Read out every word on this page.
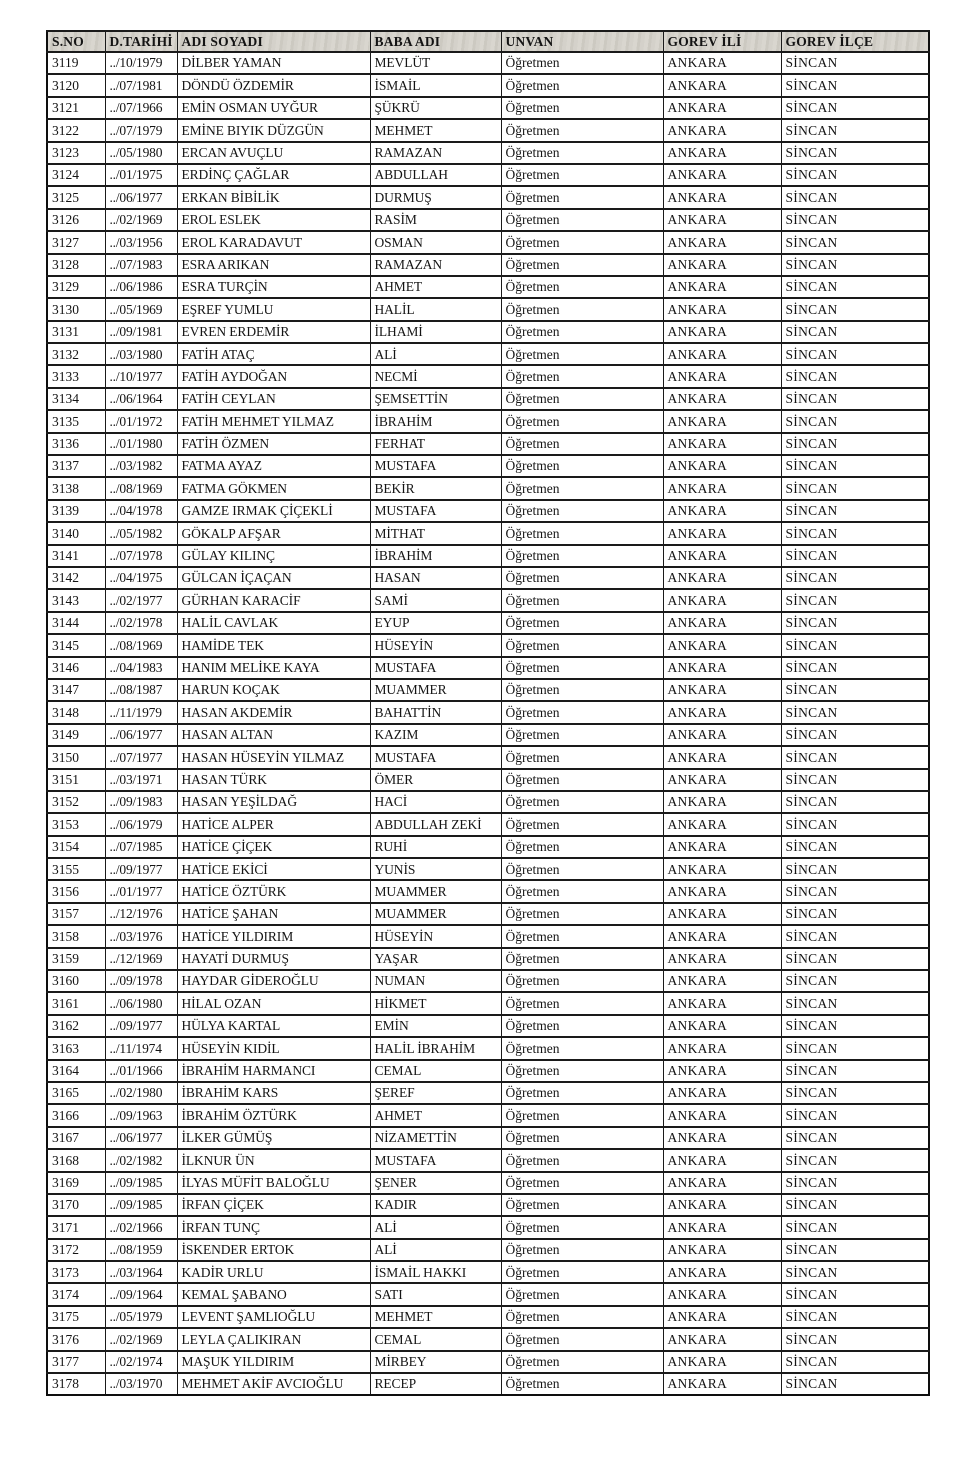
S.NO	D.TARİHİ	ADI SOYADI	BABA ADI	UNVAN	GOREV İLİ	GOREV İLÇE
3119	../10/1979	DİLBER YAMAN	MEVLÜT	Öğretmen	ANKARA	SİNCAN
3120	../07/1981	DÖNDÜ ÖZDEMİR	İSMAİL	Öğretmen	ANKARA	SİNCAN
3121	../07/1966	EMİN OSMAN UYĞUR	ŞÜKRÜ	Öğretmen	ANKARA	SİNCAN
3122	../07/1979	EMİNE BIYIK DÜZGÜN	MEHMET	Öğretmen	ANKARA	SİNCAN
3123	../05/1980	ERCAN AVUÇLU	RAMAZAN	Öğretmen	ANKARA	SİNCAN
3124	../01/1975	ERDİNÇ ÇAĞLAR	ABDULLAH	Öğretmen	ANKARA	SİNCAN
3125	../06/1977	ERKAN BİBİLİK	DURMUŞ	Öğretmen	ANKARA	SİNCAN
3126	../02/1969	EROL ESLEK	RASİM	Öğretmen	ANKARA	SİNCAN
3127	../03/1956	EROL KARADAVUT	OSMAN	Öğretmen	ANKARA	SİNCAN
3128	../07/1983	ESRA ARIKAN	RAMAZAN	Öğretmen	ANKARA	SİNCAN
3129	../06/1986	ESRA TURÇİN	AHMET	Öğretmen	ANKARA	SİNCAN
3130	../05/1969	EŞREF YUMLU	HALİL	Öğretmen	ANKARA	SİNCAN
3131	../09/1981	EVREN ERDEMİR	İLHAMİ	Öğretmen	ANKARA	SİNCAN
3132	../03/1980	FATİH ATAÇ	ALİ	Öğretmen	ANKARA	SİNCAN
3133	../10/1977	FATİH AYDOĞAN	NECMİ	Öğretmen	ANKARA	SİNCAN
3134	../06/1964	FATİH CEYLAN	ŞEMSETTİN	Öğretmen	ANKARA	SİNCAN
3135	../01/1972	FATİH MEHMET YILMAZ	İBRAHİM	Öğretmen	ANKARA	SİNCAN
3136	../01/1980	FATİH ÖZMEN	FERHAT	Öğretmen	ANKARA	SİNCAN
3137	../03/1982	FATMA AYAZ	MUSTAFA	Öğretmen	ANKARA	SİNCAN
3138	../08/1969	FATMA GÖKMEN	BEKİR	Öğretmen	ANKARA	SİNCAN
3139	../04/1978	GAMZE IRMAK ÇİÇEKLİ	MUSTAFA	Öğretmen	ANKARA	SİNCAN
3140	../05/1982	GÖKALP AFŞAR	MİTHAT	Öğretmen	ANKARA	SİNCAN
3141	../07/1978	GÜLAY KILINÇ	İBRAHİM	Öğretmen	ANKARA	SİNCAN
3142	../04/1975	GÜLCAN İÇAÇAN	HASAN	Öğretmen	ANKARA	SİNCAN
3143	../02/1977	GÜRHAN KARACİF	SAMİ	Öğretmen	ANKARA	SİNCAN
3144	../02/1978	HALİL CAVLAK	EYUP	Öğretmen	ANKARA	SİNCAN
3145	../08/1969	HAMİDE TEK	HÜSEYİN	Öğretmen	ANKARA	SİNCAN
3146	../04/1983	HANIM MELİKE KAYA	MUSTAFA	Öğretmen	ANKARA	SİNCAN
3147	../08/1987	HARUN KOÇAK	MUAMMER	Öğretmen	ANKARA	SİNCAN
3148	../11/1979	HASAN AKDEMİR	BAHATTİN	Öğretmen	ANKARA	SİNCAN
3149	../06/1977	HASAN ALTAN	KAZIM	Öğretmen	ANKARA	SİNCAN
3150	../07/1977	HASAN HÜSEYİN YILMAZ	MUSTAFA	Öğretmen	ANKARA	SİNCAN
3151	../03/1971	HASAN TÜRK	ÖMER	Öğretmen	ANKARA	SİNCAN
3152	../09/1983	HASAN YEŞİLDAĞ	HACİ	Öğretmen	ANKARA	SİNCAN
3153	../06/1979	HATİCE ALPER	ABDULLAH ZEKİ	Öğretmen	ANKARA	SİNCAN
3154	../07/1985	HATİCE ÇİÇEK	RUHİ	Öğretmen	ANKARA	SİNCAN
3155	../09/1977	HATİCE EKİCİ	YUNİS	Öğretmen	ANKARA	SİNCAN
3156	../01/1977	HATİCE ÖZTÜRK	MUAMMER	Öğretmen	ANKARA	SİNCAN
3157	../12/1976	HATİCE ŞAHAN	MUAMMER	Öğretmen	ANKARA	SİNCAN
3158	../03/1976	HATİCE YILDIRIM	HÜSEYİN	Öğretmen	ANKARA	SİNCAN
3159	../12/1969	HAYATİ DURMUŞ	YAŞAR	Öğretmen	ANKARA	SİNCAN
3160	../09/1978	HAYDAR GİDEROĞLU	NUMAN	Öğretmen	ANKARA	SİNCAN
3161	../06/1980	HİLAL OZAN	HİKMET	Öğretmen	ANKARA	SİNCAN
3162	../09/1977	HÜLYA KARTAL	EMİN	Öğretmen	ANKARA	SİNCAN
3163	../11/1974	HÜSEYİN KIDİL	HALİL İBRAHİM	Öğretmen	ANKARA	SİNCAN
3164	../01/1966	İBRAHİM HARMANCI	CEMAL	Öğretmen	ANKARA	SİNCAN
3165	../02/1980	İBRAHİM KARS	ŞEREF	Öğretmen	ANKARA	SİNCAN
3166	../09/1963	İBRAHİM ÖZTÜRK	AHMET	Öğretmen	ANKARA	SİNCAN
3167	../06/1977	İLKER GÜMÜŞ	NİZAMETTİN	Öğretmen	ANKARA	SİNCAN
3168	../02/1982	İLKNUR ÜN	MUSTAFA	Öğretmen	ANKARA	SİNCAN
3169	../09/1985	İLYAS MÜFİT BALOĞLU	ŞENER	Öğretmen	ANKARA	SİNCAN
3170	../09/1985	İRFAN ÇİÇEK	KADIR	Öğretmen	ANKARA	SİNCAN
3171	../02/1966	İRFAN TUNÇ	ALİ	Öğretmen	ANKARA	SİNCAN
3172	../08/1959	İSKENDER ERTOK	ALİ	Öğretmen	ANKARA	SİNCAN
3173	../03/1964	KADİR URLU	İSMAİL HAKKI	Öğretmen	ANKARA	SİNCAN
3174	../09/1964	KEMAL ŞABANO	SATI	Öğretmen	ANKARA	SİNCAN
3175	../05/1979	LEVENT ŞAMLIOĞLU	MEHMET	Öğretmen	ANKARA	SİNCAN
3176	../02/1969	LEYLA ÇALIKIRAN	CEMAL	Öğretmen	ANKARA	SİNCAN
3177	../02/1974	MAŞUK YILDIRIM	MİRBEY	Öğretmen	ANKARA	SİNCAN
3178	../03/1970	MEHMET AKİF AVCIOĞLU	RECEP	Öğretmen	ANKARA	SİNCAN
